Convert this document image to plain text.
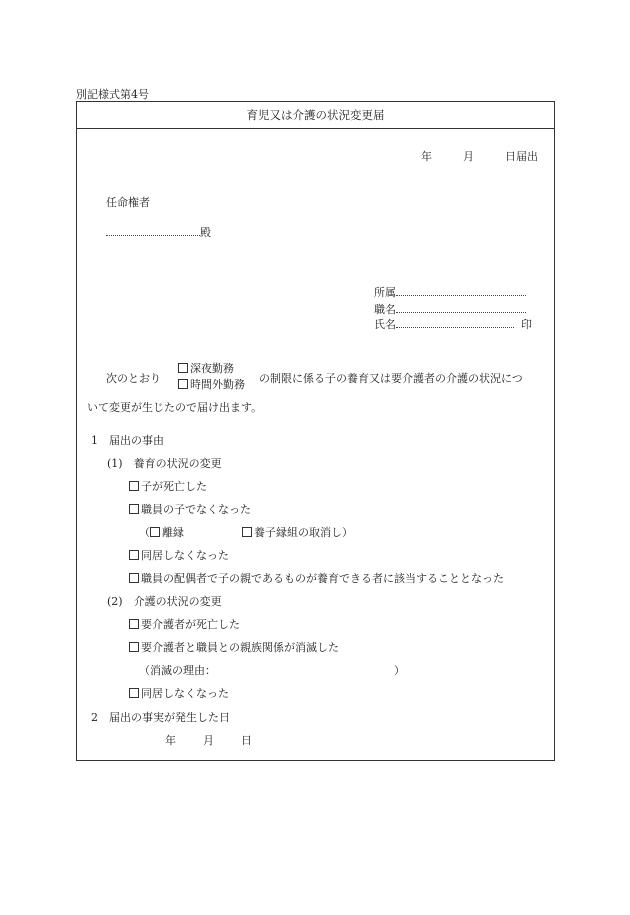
別記様式第4号
育児又は介護の状況変更届
年	月	日届出
任命権者
殿
所属
職名
氏名	印
次のとおり
深夜勤務
時間外勤務 の制限に係る子の養育又は要介護者の介護の状況につ
いて変更が生じたので届け出ます。
1　届出の事由
(1)　養育の状況の変更
子が死亡した
職員の子でなくなった
（ 離縁	養子縁組の取消し）
同居しなくなった
職員の配偶者で子の親であるものが養育できる者に該当することとなった
(2)　介護の状況の変更
要介護者が死亡した
要介護者と職員との親族関係が消滅した
（消滅の理由：	）
同居しなくなった
2　届出の事実が発生した日
年 月 日
